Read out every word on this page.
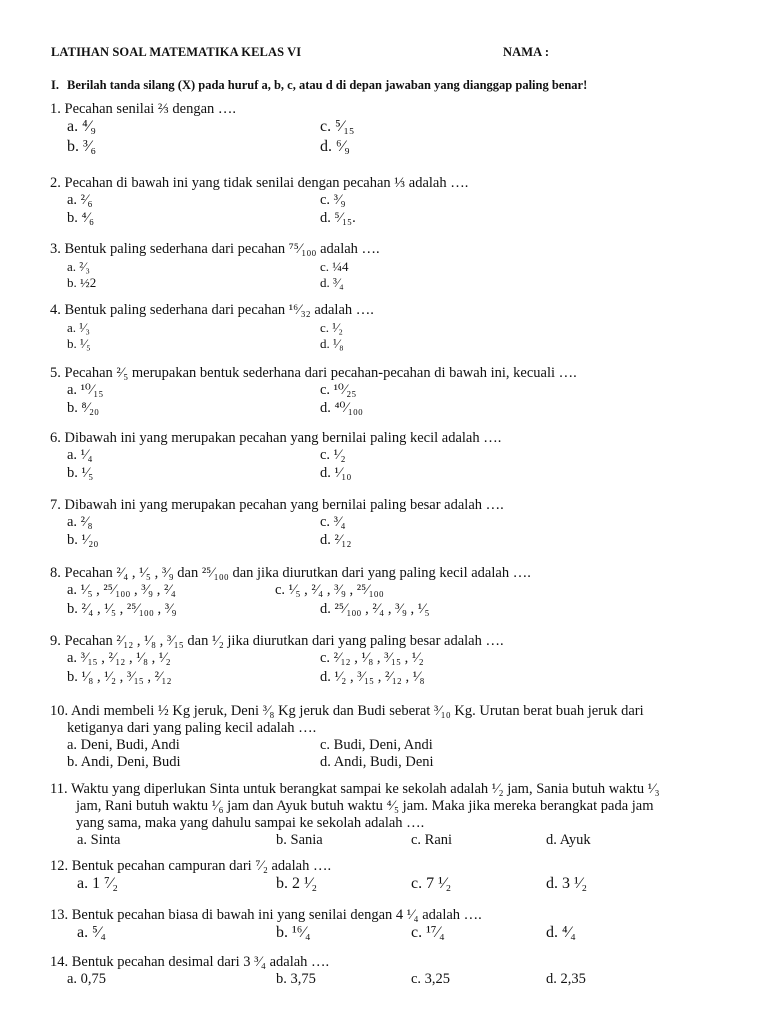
LATIHAN SOAL MATEMATIKA KELAS VI	NAMA :
I. Berilah tanda silang (X) pada huruf a, b, c, atau d di depan jawaban yang dianggap paling benar!
1. Pecahan senilai ⅔ dengan ….
a. ⁴⁄₉	c. ⁵⁄₁₅
b. ³⁄₆	d. ⁶⁄₉
2. Pecahan di bawah ini yang tidak senilai dengan pecahan ⅓ adalah ….
a. ²⁄₆	c. ³⁄₉
b. ⁴⁄₆	d. ⁵⁄₁₅.
3. Bentuk paling sederhana dari pecahan ⁷⁵⁄₁₀₀ adalah ….
a. ²⁄₃	c. ¼4
b. ½2	d. ³⁄₄
4. Bentuk paling sederhana dari pecahan ¹⁶⁄₃₂ adalah ….
a. ¹⁄₃	c. ¹⁄₂
b. ¹⁄₅	d. ¹⁄₈
5. Pecahan ²⁄₅ merupakan bentuk sederhana dari pecahan-pecahan di bawah ini, kecuali ….
a. ¹⁰⁄₁₅	c. ¹⁰⁄₂₅
b. ⁸⁄₂₀	d. ⁴⁰⁄₁₀₀
6. Dibawah ini yang merupakan pecahan yang bernilai paling kecil adalah ….
a. ¹⁄₄	c. ¹⁄₂
b. ¹⁄₅	d. ¹⁄₁₀
7. Dibawah ini yang merupakan pecahan yang bernilai paling besar adalah ….
a. ²⁄₈	c. ³⁄₄
b. ¹⁄₂₀	d. ²⁄₁₂
8. Pecahan ²⁄₄ , ¹⁄₅ , ³⁄₉ dan ²⁵⁄₁₀₀ dan jika diurutkan dari yang paling kecil adalah ….
a. ¹⁄₅ , ²⁵⁄₁₀₀ , ³⁄₉ , ²⁄₄	c. ¹⁄₅ , ²⁄₄ , ³⁄₉ , ²⁵⁄₁₀₀
b. ²⁄₄ , ¹⁄₅ , ²⁵⁄₁₀₀ , ³⁄₉	d. ²⁵⁄₁₀₀ , ²⁄₄ , ³⁄₉ , ¹⁄₅
9. Pecahan ²⁄₁₂ , ¹⁄₈ , ³⁄₁₅ dan ¹⁄₂ jika diurutkan dari yang paling besar adalah ….
a. ³⁄₁₅ , ²⁄₁₂ , ¹⁄₈ , ¹⁄₂	c. ²⁄₁₂ , ¹⁄₈ , ³⁄₁₅ , ¹⁄₂
b. ¹⁄₈ , ¹⁄₂ , ³⁄₁₅ , ²⁄₁₂	d. ¹⁄₂ , ³⁄₁₅ , ²⁄₁₂ , ¹⁄₈
10. Andi membeli ½ Kg jeruk, Deni ³⁄₈ Kg jeruk dan Budi seberat ³⁄₁₀ Kg. Urutan berat buah jeruk dari
ketiganya dari yang paling kecil adalah ….
a. Deni, Budi, Andi	c. Budi, Deni, Andi
b. Andi, Deni, Budi	d. Andi, Budi, Deni
11. Waktu yang diperlukan Sinta untuk berangkat sampai ke sekolah adalah ¹⁄₂ jam, Sania butuh waktu ¹⁄₃
jam, Rani butuh waktu ¹⁄₆ jam dan Ayuk butuh waktu ⁴⁄₅ jam. Maka jika mereka berangkat pada jam
yang sama, maka yang dahulu sampai ke sekolah adalah ….
a. Sinta	b. Sania	c. Rani	d. Ayuk
12. Bentuk pecahan campuran dari ⁷⁄₂ adalah ….
a. 1 ⁷⁄₂	b. 2 ¹⁄₂	c. 7 ¹⁄₂	d. 3 ¹⁄₂
13. Bentuk pecahan biasa di bawah ini yang senilai dengan 4 ¹⁄₄ adalah ….
a. ⁵⁄₄	b. ¹⁶⁄₄	c. ¹⁷⁄₄	d. ⁴⁄₄
14. Bentuk pecahan desimal dari 3 ³⁄₄ adalah ….
a. 0,75	b. 3,75	c. 3,25	d. 2,35
